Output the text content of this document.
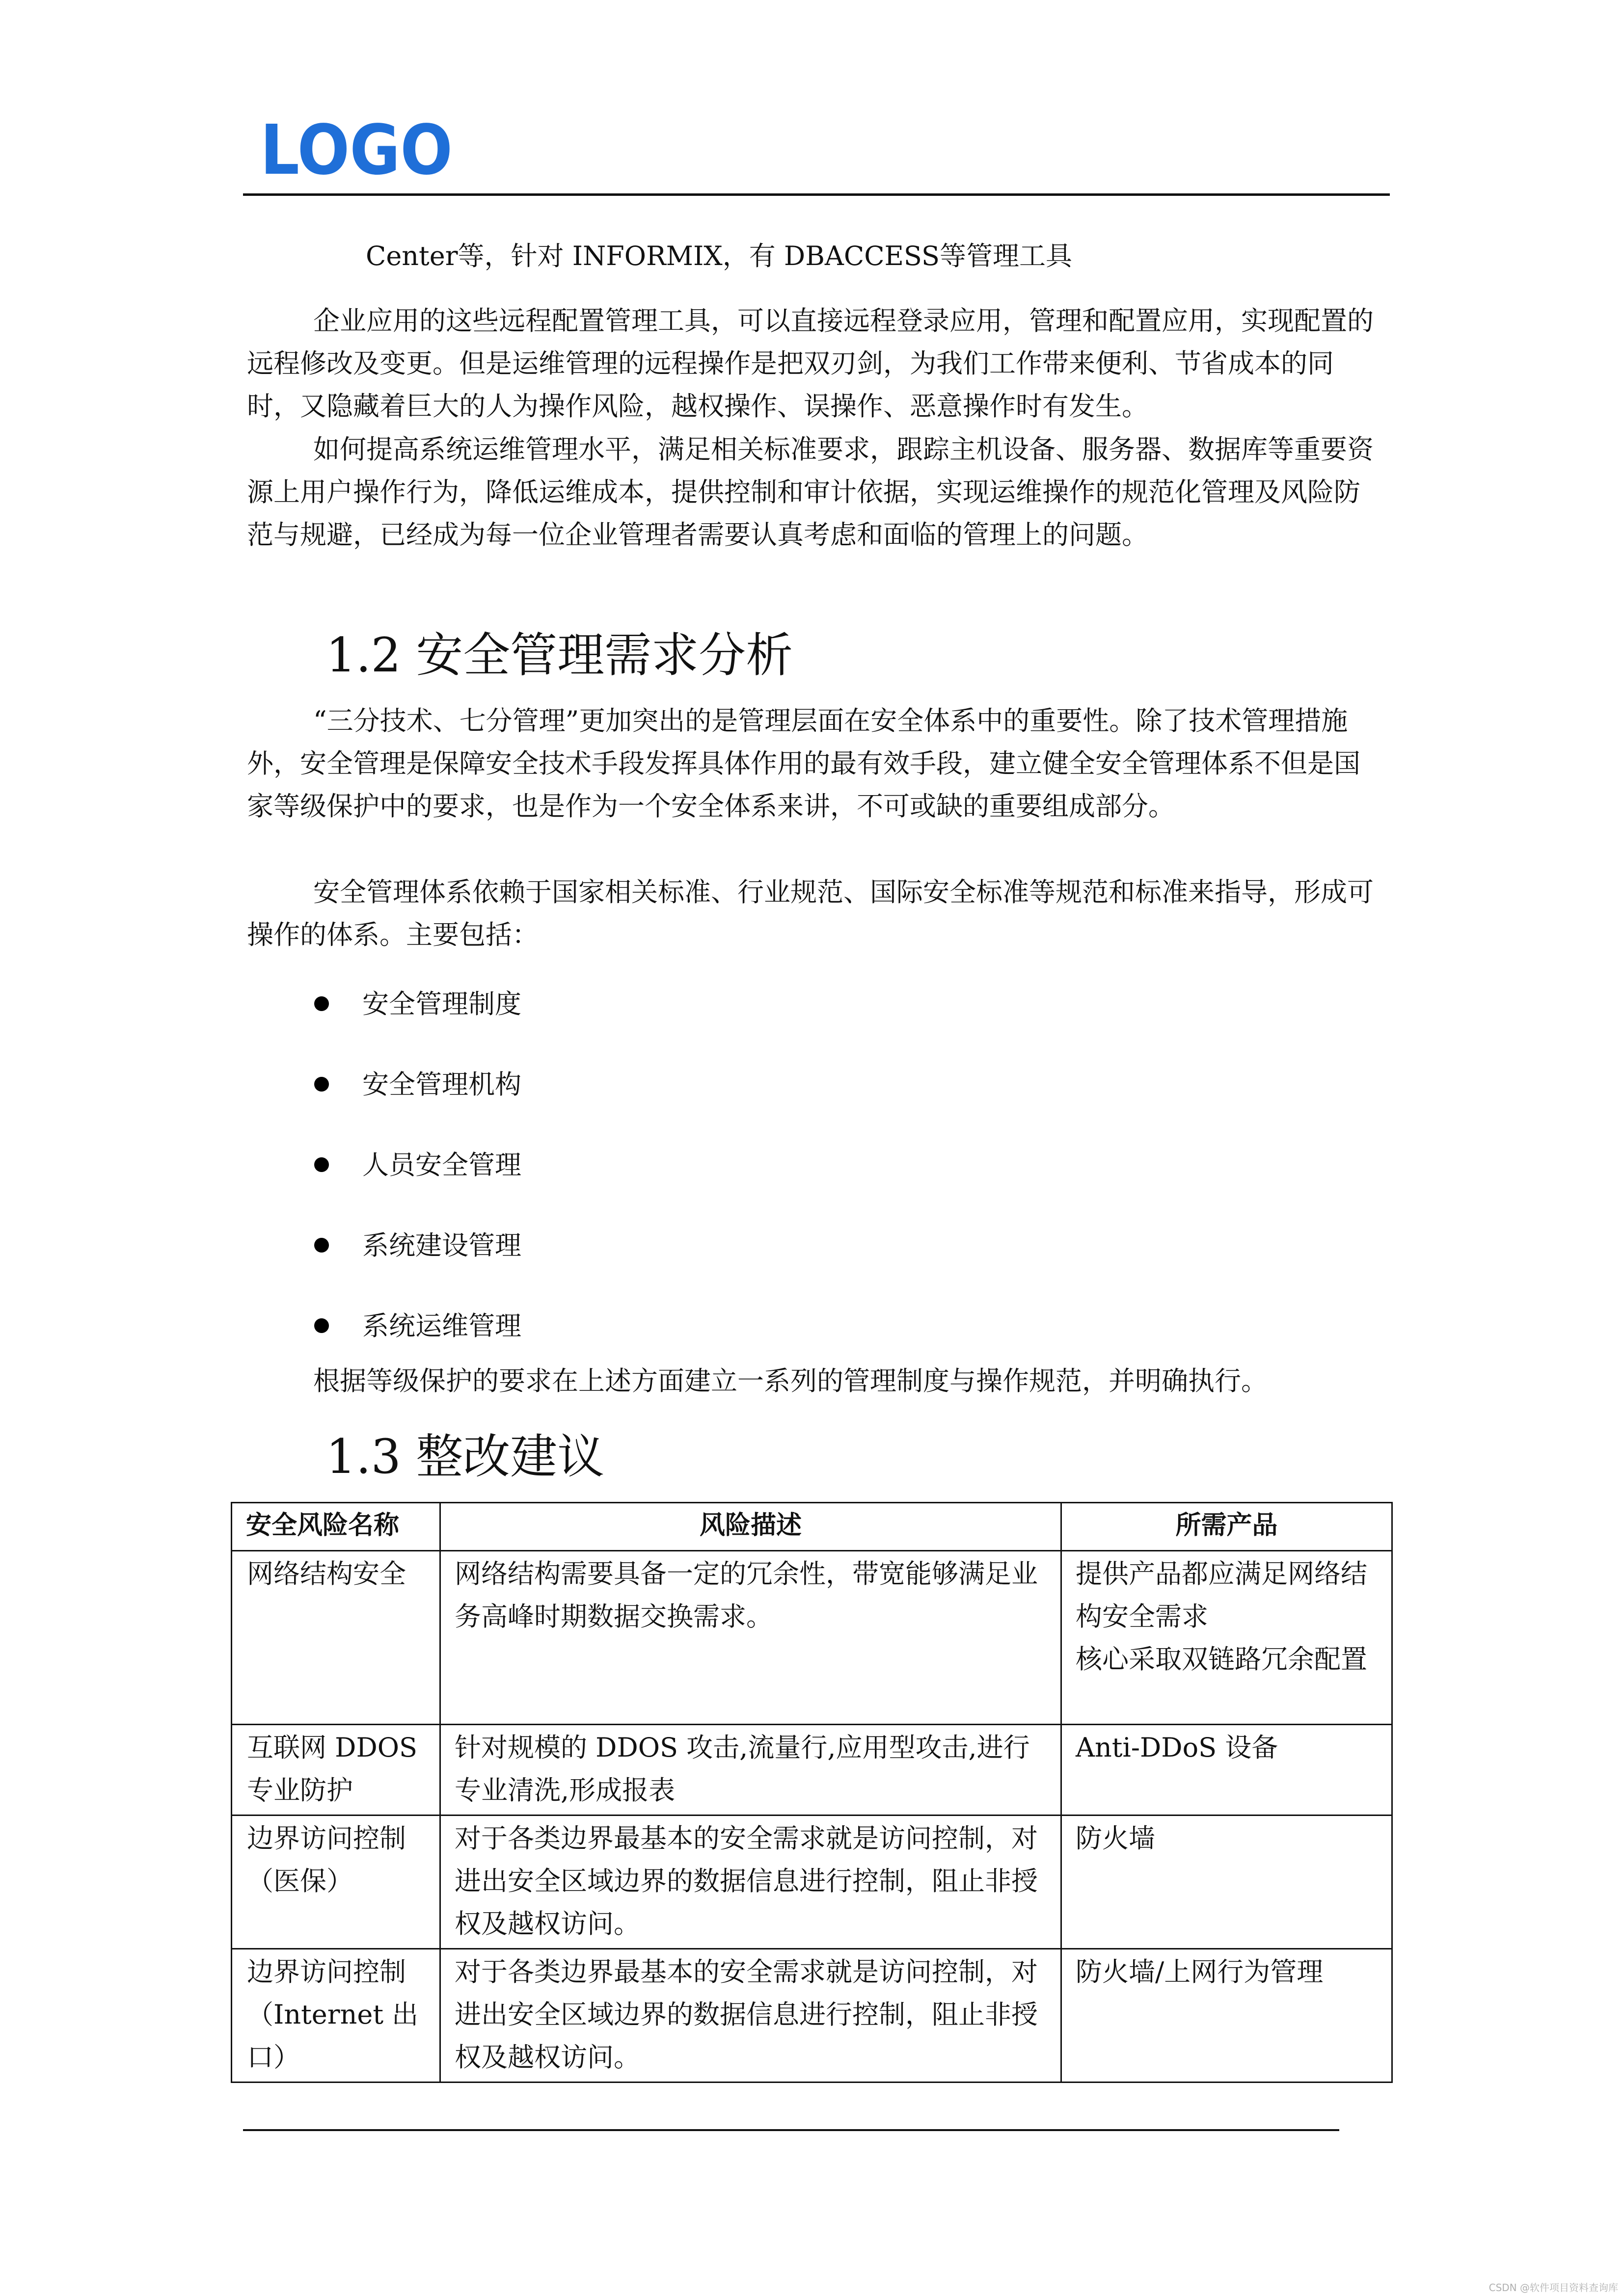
LOGO

Center等，针对 INFORMIX，有 DBACCESS等管理工具

企业应用的这些远程配置管理工具，可以直接远程登录应用，管理和配置应用，实现配置的远程修改及变更。但是运维管理的远程操作是把双刃剑，为我们工作带来便利、节省成本的同时，又隐藏着巨大的人为操作风险，越权操作、误操作、恶意操作时有发生。

如何提高系统运维管理水平，满足相关标准要求，跟踪主机设备、服务器、数据库等重要资源上用户操作行为，降低运维成本，提供控制和审计依据，实现运维操作的规范化管理及风险防范与规避，已经成为每一位企业管理者需要认真考虑和面临的管理上的问题。

1.2 安全管理需求分析

“三分技术、七分管理”更加突出的是管理层面在安全体系中的重要性。除了技术管理措施外，安全管理是保障安全技术手段发挥具体作用的最有效手段，建立健全安全管理体系不但是国家等级保护中的要求，也是作为一个安全体系来讲，不可或缺的重要组成部分。

安全管理体系依赖于国家相关标准、行业规范、国际安全标准等规范和标准来指导，形成可操作的体系。主要包括：

安全管理制度
安全管理机构
人员安全管理
系统建设管理
系统运维管理

根据等级保护的要求在上述方面建立一系列的管理制度与操作规范，并明确执行。

1.3 整改建议
安全风险名称	风险描述	所需产品
网络结构安全	网络结构需要具备一定的冗余性，带宽能够满足业务高峰时期数据交换需求。	提供产品都应满足网络结构安全需求
核心采取双链路冗余配置
互联网 DDOS 专业防护	针对规模的 DDOS 攻击,流量行,应用型攻击,进行专业清洗,形成报表	Anti-DDoS 设备
边界访问控制（医保）	对于各类边界最基本的安全需求就是访问控制，对进出安全区域边界的数据信息进行控制，阻止非授权及越权访问。	防火墙
边界访问控制（Internet 出口）	对于各类边界最基本的安全需求就是访问控制，对进出安全区域边界的数据信息进行控制，阻止非授权及越权访问。	防火墙/上网行为管理
CSDN @软件项目资料查询库
